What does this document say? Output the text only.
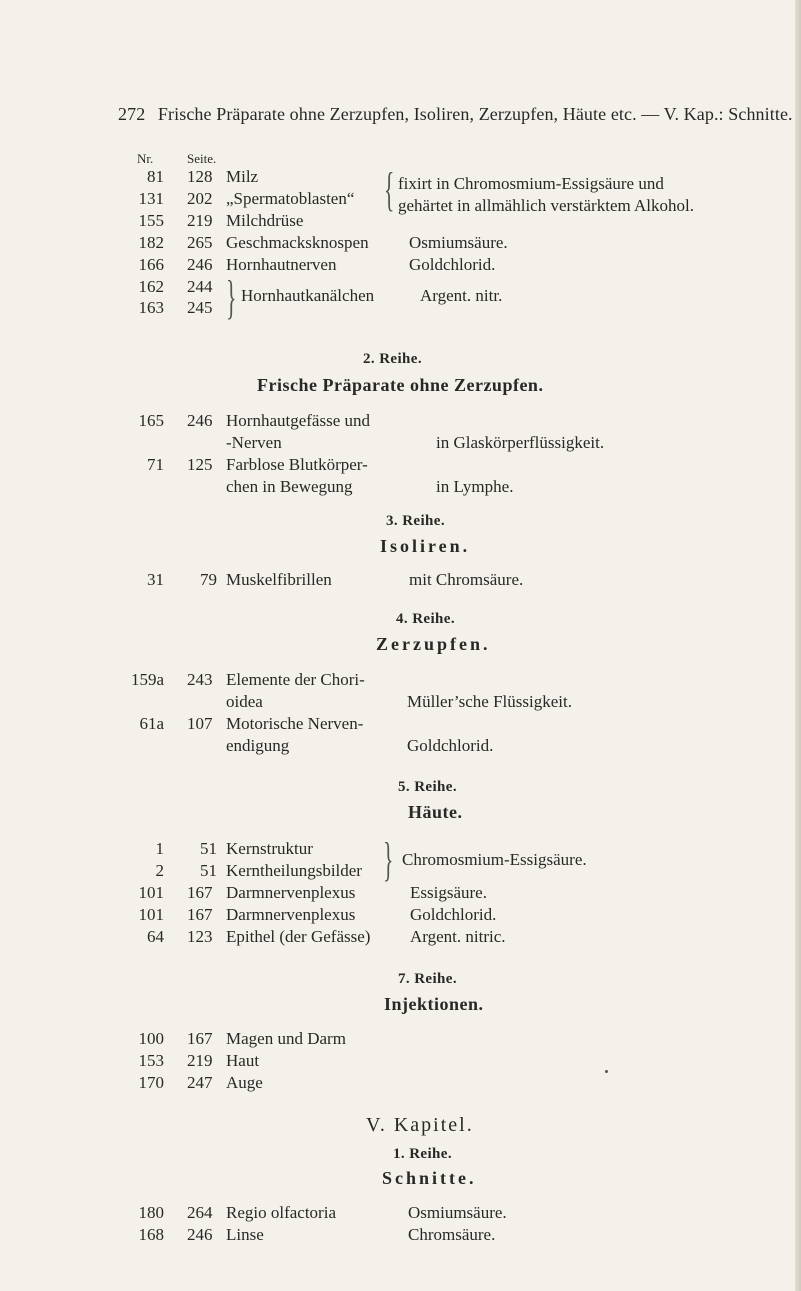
272 Frische Präparate ohne Zerzupfen, Isoliren, Zerzupfen, Häute etc. — V. Kap.: Schnitte.
Nr.	Seite.
81 128 Milz
131 202 „Spermatoblasten“
155 219 Milchdrüse
{ fixirt in Chromosmium-Essigsäure und
gehärtet in allmählich verstärktem Alkohol.
182 265 Geschmacksknospen Osmiumsäure.
166 246 Hornhautnerven	Goldchlorid.
162 244
163 245 } Hornhautkanälchen	Argent. nitr.
2. Reihe.
Frische Präparate ohne Zerzupfen.
165 246 Hornhautgefässe und
-Nerven	in Glaskörperflüssigkeit.
71 125 Farblose Blutkörper-
chen in Bewegung	in Lymphe.
3. Reihe.
Isoliren.
31 79 Muskelfibrillen	mit Chromsäure.
4. Reihe.
Zerzupfen.
159a 243 Elemente der Chori-
oidea	Müller’sche Flüssigkeit.
61a 107 Motorische Nerven-
endigung	Goldchlorid.
5. Reihe.
Häute.
1 51 Kernstruktur
2 51 Kerntheilungsbilder } Chromosmium-Essigsäure.
101 167 Darmnervenplexus	Essigsäure.
101 167 Darmnervenplexus	Goldchlorid.
64 123 Epithel (der Gefässe) Argent. nitric.
7. Reihe.
Injektionen.
100 167 Magen und Darm
153 219 Haut
170 247 Auge
V. Kapitel.
1. Reihe.
Schnitte.
180 264 Regio olfactoria	Osmiumsäure.
168 246 Linse	Chromsäure.
